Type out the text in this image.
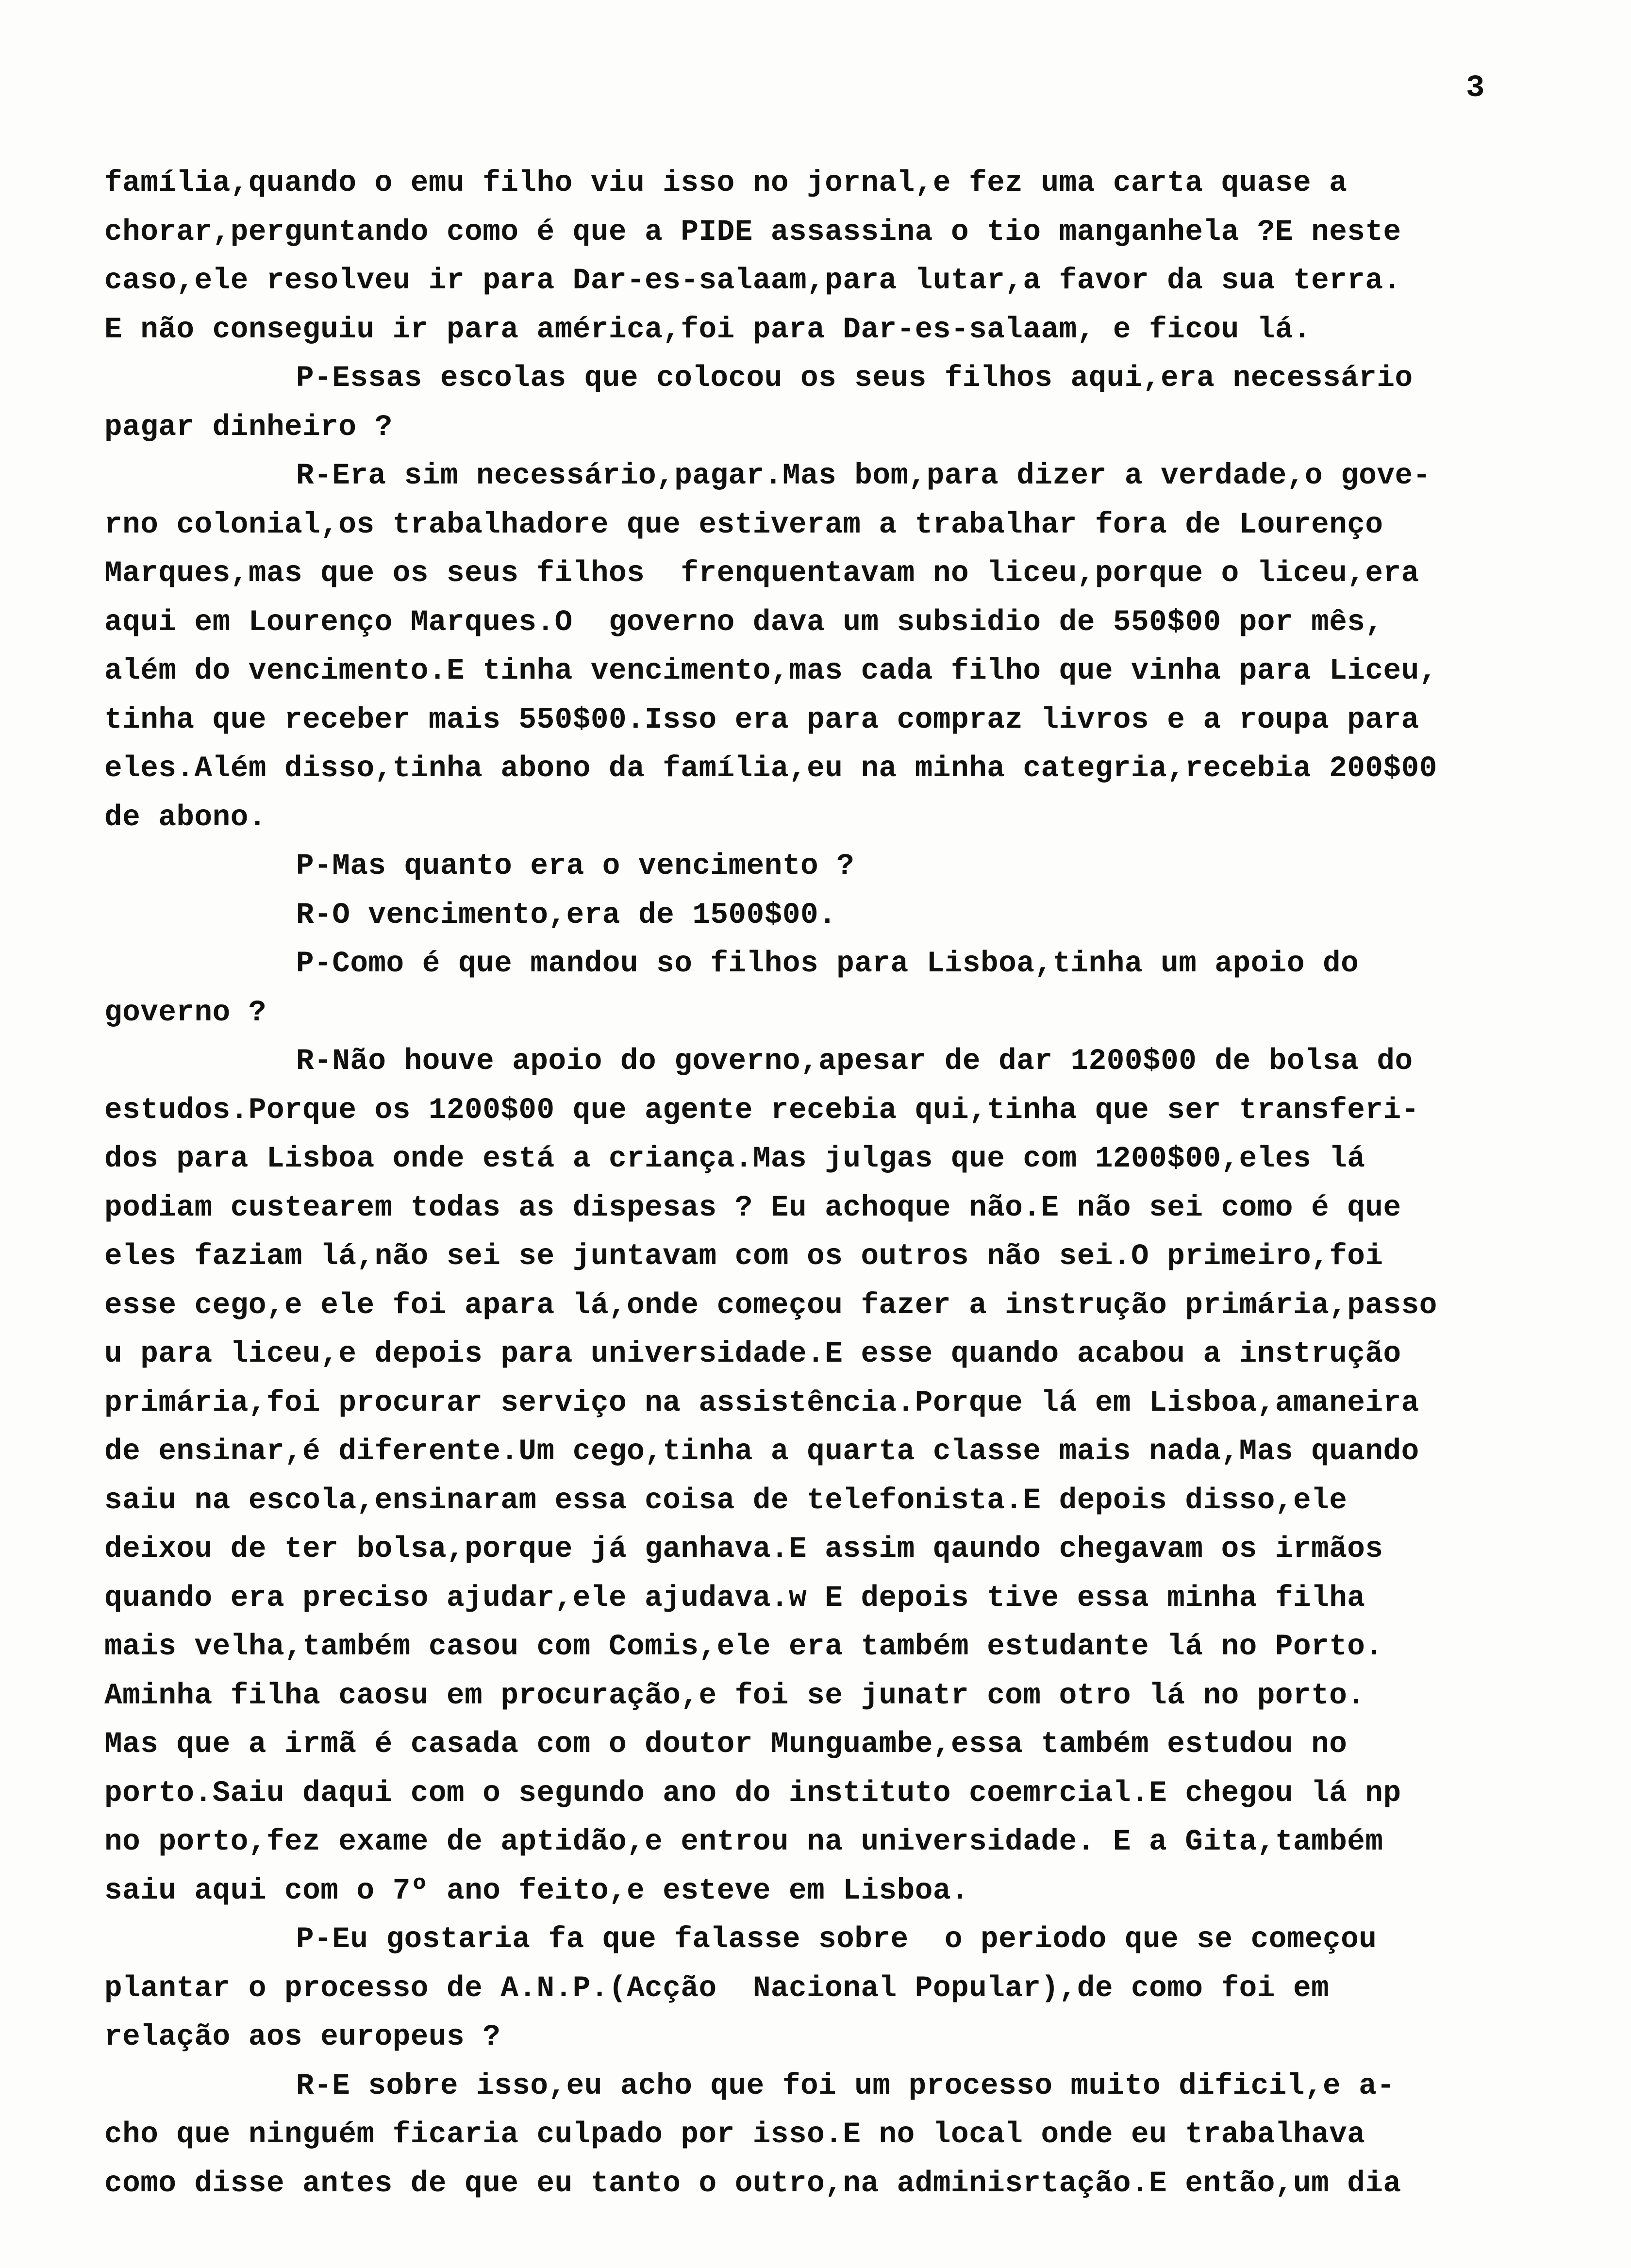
3
família,quando o emu filho viu isso no jornal,e fez uma carta quase a
chorar,perguntando como é que a PIDE assassina o tio manganhela ?E neste
caso,ele resolveu ir para Dar-es-salaam,para lutar,a favor da sua terra.
E não conseguiu ir para américa,foi para Dar-es-salaam, e ficou lá.
P-Essas escolas que colocou os seus filhos aqui,era necessário
pagar dinheiro ?
R-Era sim necessário,pagar.Mas bom,para dizer a verdade,o gove-
rno colonial,os trabalhadore que estiveram a trabalhar fora de Lourenço
Marques,mas que os seus filhos  frenquentavam no liceu,porque o liceu,era
aqui em Lourenço Marques.O  governo dava um subsidio de 550$00 por mês,
além do vencimento.E tinha vencimento,mas cada filho que vinha para Liceu,
tinha que receber mais 550$00.Isso era para compraz livros e a roupa para
eles.Além disso,tinha abono da família,eu na minha categria,recebia 200$00
de abono.
P-Mas quanto era o vencimento ?
R-O vencimento,era de 1500$00.
P-Como é que mandou so filhos para Lisboa,tinha um apoio do
governo ?
R-Não houve apoio do governo,apesar de dar 1200$00 de bolsa do
estudos.Porque os 1200$00 que agente recebia qui,tinha que ser transferi-
dos para Lisboa onde está a criança.Mas julgas que com 1200$00,eles lá
podiam custearem todas as dispesas ? Eu achoque não.E não sei como é que
eles faziam lá,não sei se juntavam com os outros não sei.O primeiro,foi
esse cego,e ele foi apara lá,onde começou fazer a instrução primária,passo
u para liceu,e depois para universidade.E esse quando acabou a instrução
primária,foi procurar serviço na assistência.Porque lá em Lisboa,amaneira
de ensinar,é diferente.Um cego,tinha a quarta classe mais nada,Mas quando
saiu na escola,ensinaram essa coisa de telefonista.E depois disso,ele
deixou de ter bolsa,porque já ganhava.E assim qaundo chegavam os irmãos
quando era preciso ajudar,ele ajudava.w E depois tive essa minha filha
mais velha,também casou com Comis,ele era também estudante lá no Porto.
Aminha filha caosu em procuração,e foi se junatr com otro lá no porto.
Mas que a irmã é casada com o doutor Munguambe,essa também estudou no
porto.Saiu daqui com o segundo ano do instituto coemrcial.E chegou lá np
no porto,fez exame de aptidão,e entrou na universidade. E a Gita,também
saiu aqui com o 7º ano feito,e esteve em Lisboa.
P-Eu gostaria fa que falasse sobre  o periodo que se começou
plantar o processo de A.N.P.(Acção  Nacional Popular),de como foi em
relação aos europeus ?
R-E sobre isso,eu acho que foi um processo muito dificil,e a-
cho que ninguém ficaria culpado por isso.E no local onde eu trabalhava
como disse antes de que eu tanto o outro,na adminisrtação.E então,um dia
